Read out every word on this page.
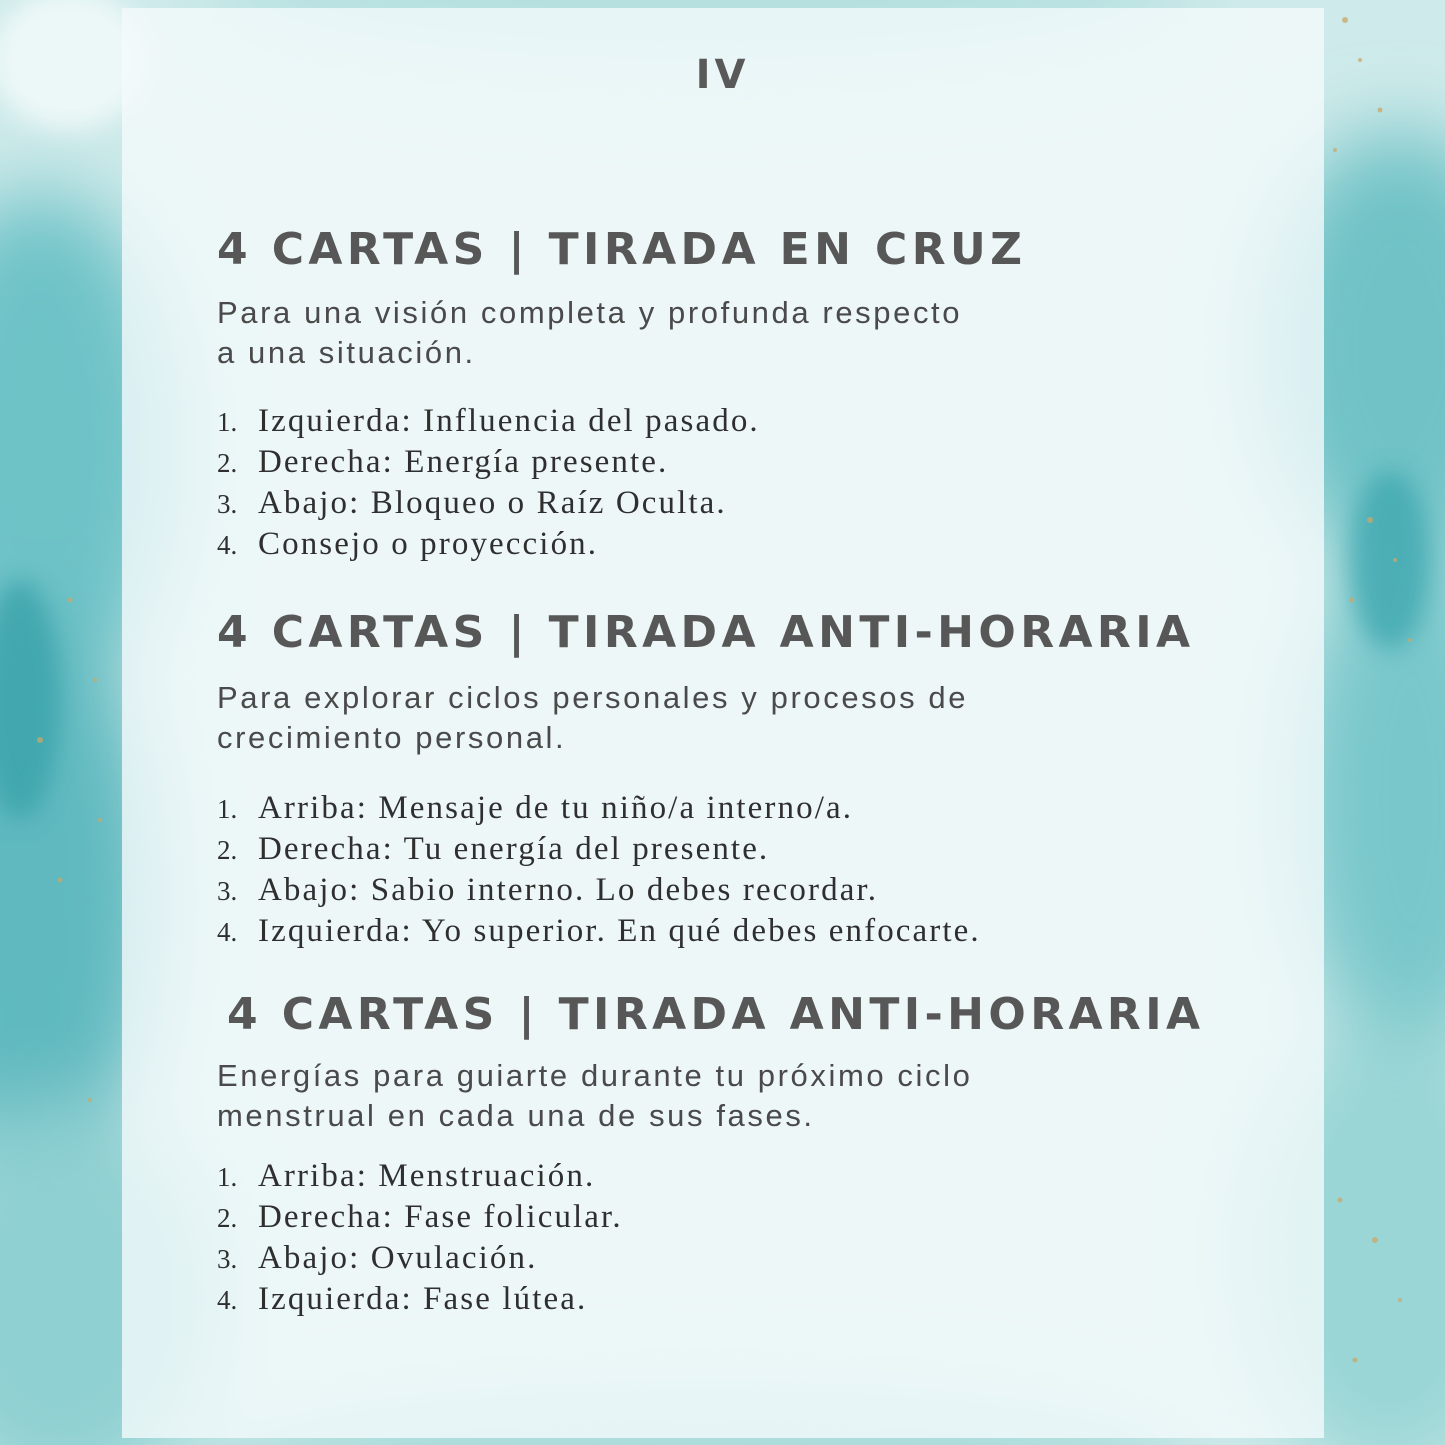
IV
4 CARTAS | TIRADA EN CRUZ

Para una visión completa y profunda respecto
a una situación.

1. Izquierda: Influencia del pasado.
2. Derecha: Energía presente.
3. Abajo: Bloqueo o Raíz Oculta.
4. Consejo o proyección.
4 CARTAS | TIRADA ANTI-HORARIA

Para explorar ciclos personales y procesos de
crecimiento personal.

1. Arriba: Mensaje de tu niño/a interno/a.
2. Derecha: Tu energía del presente.
3. Abajo: Sabio interno. Lo debes recordar.
4. Izquierda: Yo superior. En qué debes enfocarte.
4 CARTAS | TIRADA ANTI-HORARIA

Energías para guiarte durante tu próximo ciclo
menstrual en cada una de sus fases.

1. Arriba: Menstruación.
2. Derecha: Fase folicular.
3. Abajo: Ovulación.
4. Izquierda: Fase lútea.
